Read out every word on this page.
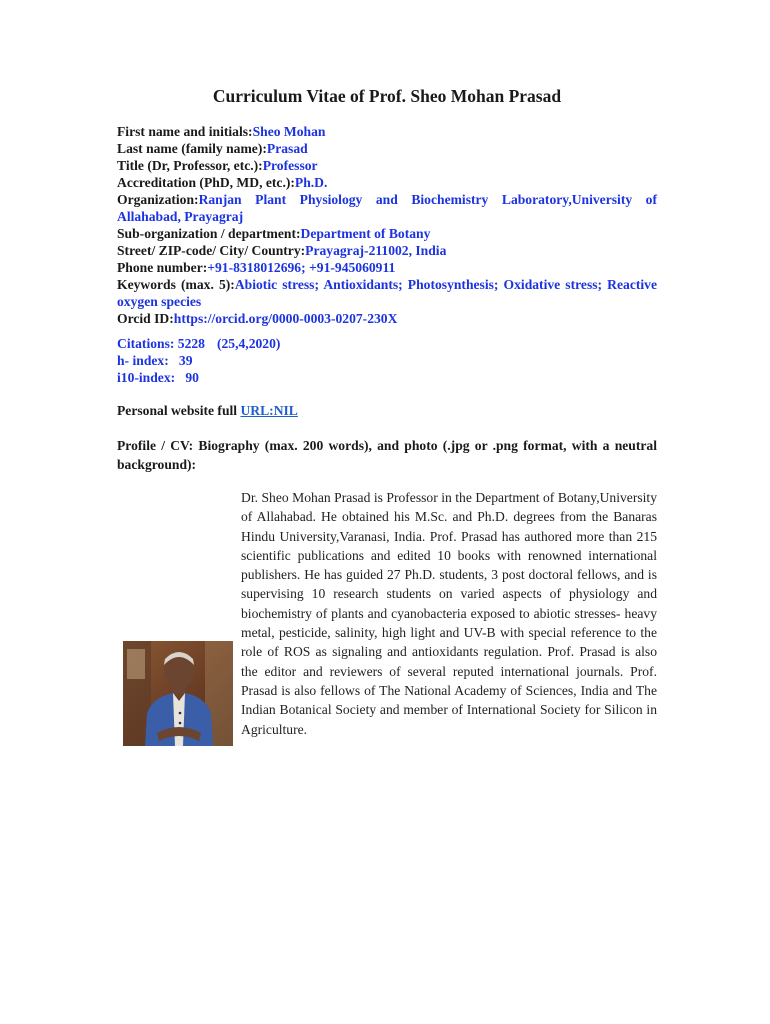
Curriculum Vitae of Prof. Sheo Mohan Prasad
First name and initials:Sheo Mohan
Last name (family name):Prasad
Title (Dr, Professor, etc.):Professor
Accreditation (PhD, MD, etc.):Ph.D.
Organization:Ranjan Plant Physiology and Biochemistry Laboratory,University of Allahabad, Prayagraj
Sub-organization / department:Department of Botany
Street/ ZIP-code/ City/ Country:Prayagraj-211002, India
Phone number:+91-8318012696; +91-945060911
Keywords (max. 5):Abiotic stress; Antioxidants; Photosynthesis; Oxidative stress; Reactive oxygen species
Orcid ID:https://orcid.org/0000-0003-0207-230X
Citations: 5228 (25,4,2020)
h- index:   39
i10-index:   90
Personal website full URL:NIL
Profile / CV: Biography (max. 200 words), and photo (.jpg or .png format, with a neutral background):
Dr. Sheo Mohan Prasad is Professor in the Department of Botany,University of Allahabad. He obtained his M.Sc. and Ph.D. degrees from the Banaras Hindu University,Varanasi, India. Prof. Prasad has authored more than 215 scientific publications and edited 10 books with renowned international publishers. He has guided 27 Ph.D. students, 3 post doctoral fellows, and is supervising 10 research students on varied aspects of physiology and biochemistry of plants and cyanobacteria exposed to abiotic stresses- heavy metal, pesticide, salinity, high light and UV-B with special reference to the role of ROS as signaling and antioxidants regulation. Prof. Prasad is also the editor and reviewers of several reputed international journals. Prof. Prasad is also fellows of The National Academy of Sciences, India and The Indian Botanical Society and member of International Society for Silicon in Agriculture.
